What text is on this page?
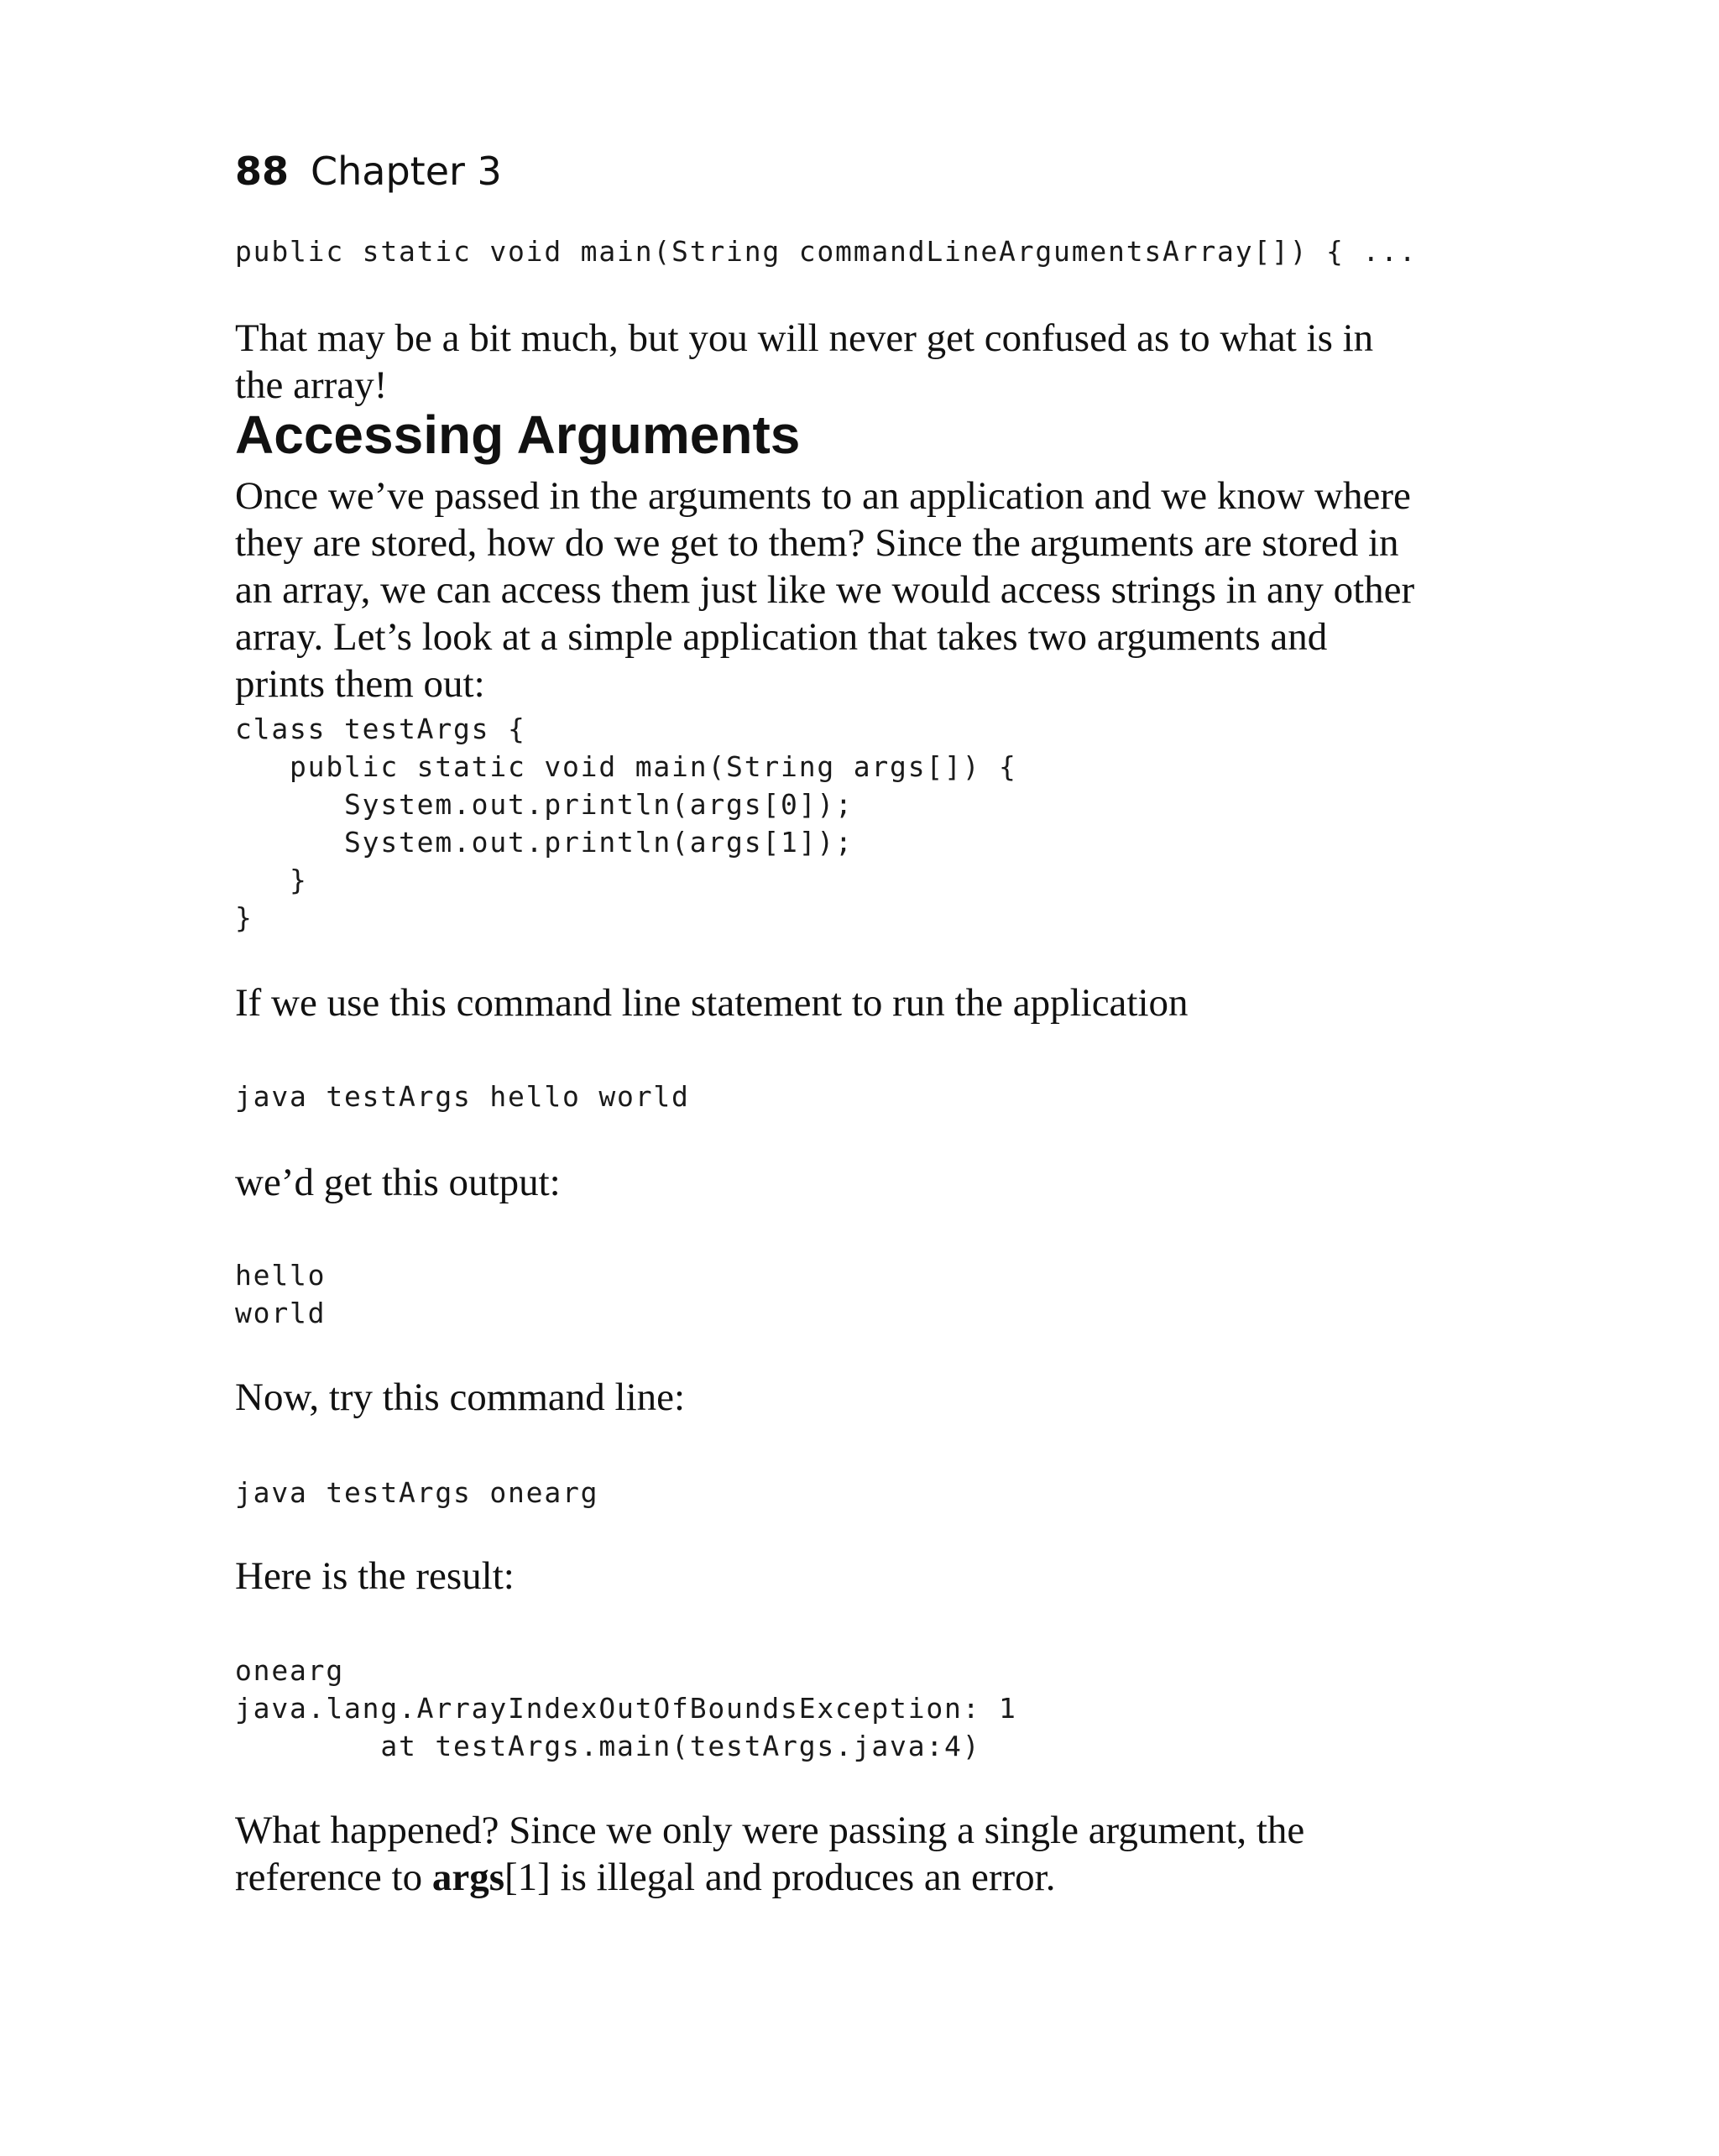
88 Chapter 3
public static void main(String commandLineArgumentsArray[]) { ...

That may be a bit much, but you will never get confused as to what is in the array!

Accessing Arguments

Once we’ve passed in the arguments to an application and we know where they are stored, how do we get to them? Since the arguments are stored in an array, we can access them just like we would access strings in any other array. Let’s look at a simple application that takes two arguments and prints them out:

class testArgs {
public static void main(String args[]) {
System.out.println(args[0]);
System.out.println(args[1]);
}
}

If we use this command line statement to run the application

java testArgs hello world

we’d get this output:

hello
world

Now, try this command line:

java testArgs onearg

Here is the result:

onearg
java.lang.ArrayIndexOutOfBoundsException: 1
at testArgs.main(testArgs.java:4)

What happened? Since we only were passing a single argument, the reference to args[1] is illegal and produces an error.
